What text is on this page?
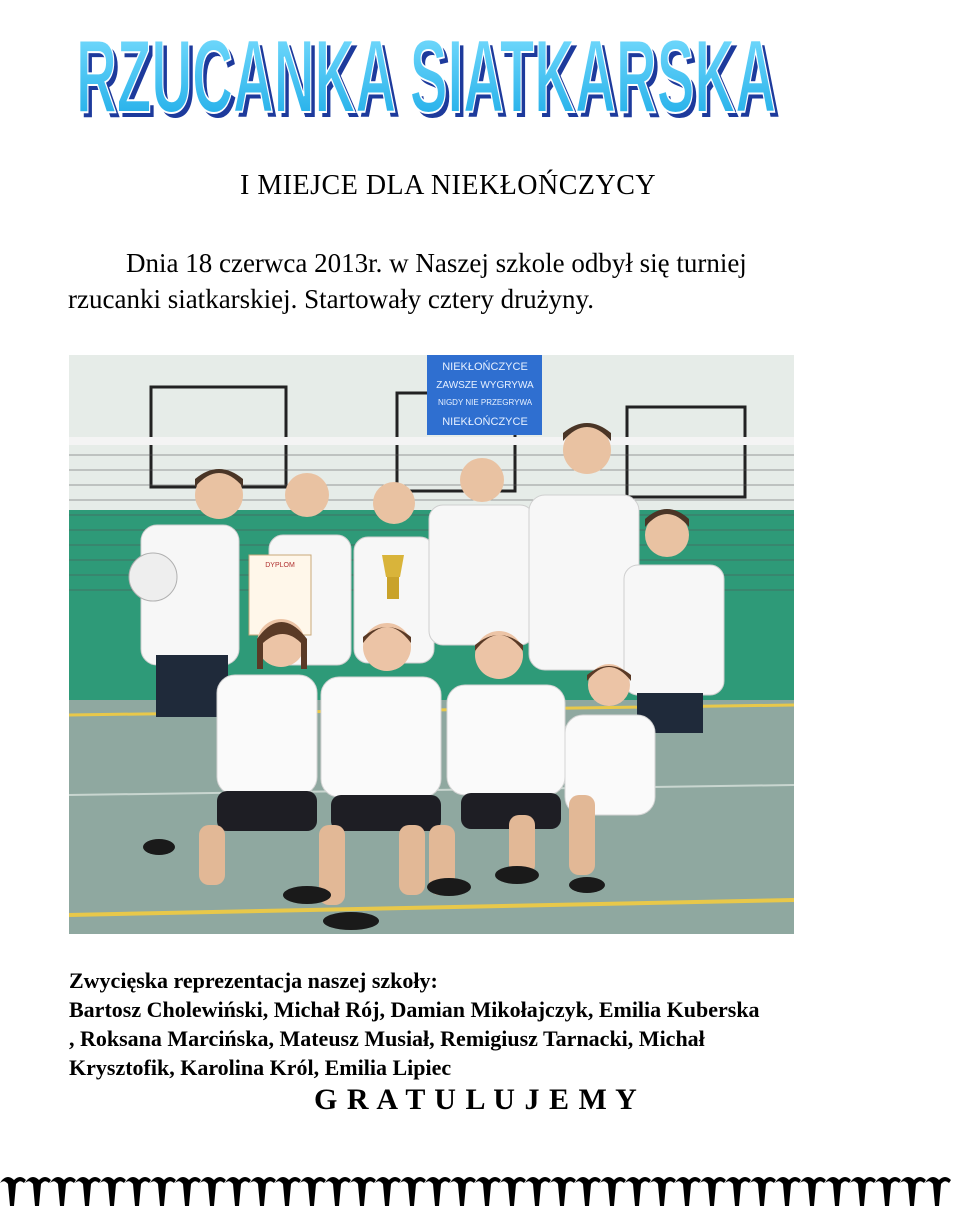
RZUCANKA SIATKARSKA
RZUCANKA SIATKARSKA
I MIEJCE DLA NIEKŁOŃCZYCY
Dnia 18 czerwca 2013r. w Naszej szkole odbył się turniej
rzucanki siatkarskiej. Startowały cztery drużyny.
NIEKŁOŃCZYCE
ZAWSZE WYGRYWA
NIGDY NIE PRZEGRYWA
NIEKŁOŃCZYCE
DYPLOM
Zwycięska reprezentacja naszej szkoły:
Bartosz Cholewiński, Michał Rój, Damian Mikołajczyk, Emilia Kuberska
, Roksana Marcińska, Mateusz Musiał, Remigiusz Tarnacki, Michał
Krysztofik, Karolina Król, Emilia Lipiec
G R A T U L U J E M Y
